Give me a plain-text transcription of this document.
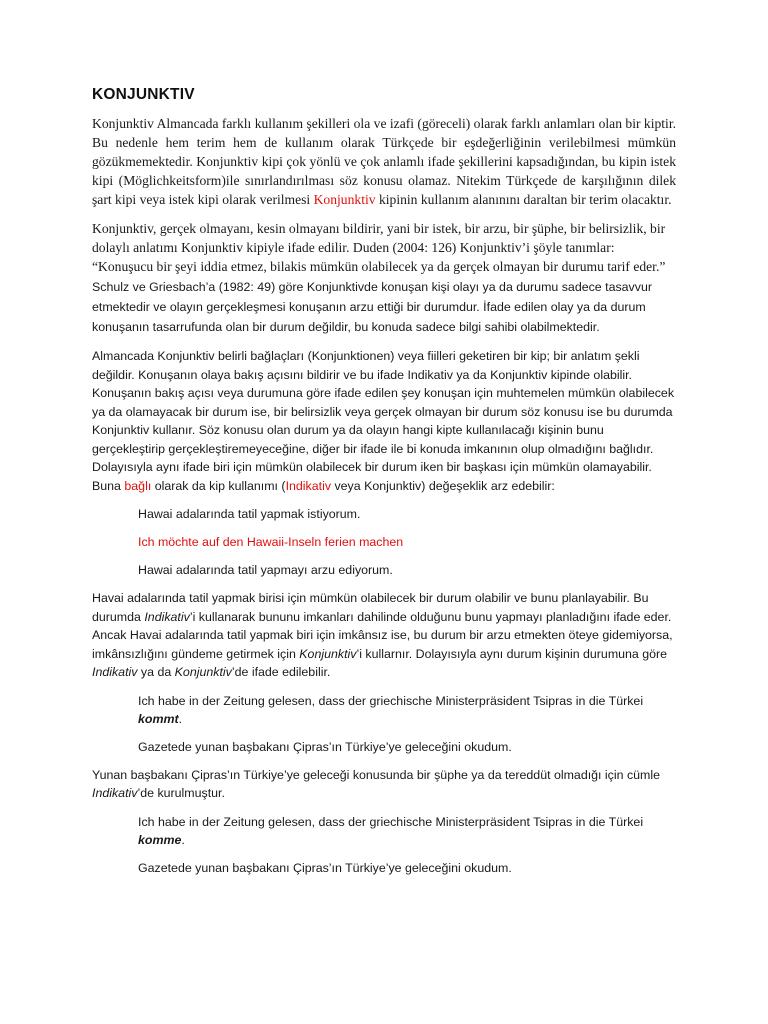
KONJUNKTIV

Konjunktiv Almancada farklı kullanım şekilleri ola ve izafi (göreceli) olarak farklı anlamları olan bir kiptir. Bu nedenle hem terim hem de kullanım olarak Türkçede bir eşdeğerliğinin verilebilmesi mümkün gözükmemektedir. Konjunktiv kipi çok yönlü ve çok anlamlı ifade şekillerini kapsadığından, bu kipin istek kipi (Möglichkeitsform)ile sınırlandırılması söz konusu olamaz. Nitekim Türkçede de karşılığının dilek şart kipi veya istek kipi olarak verilmesi Konjunktiv kipinin kullanım alanınını daraltan bir terim olacaktır.

Konjunktiv, gerçek olmayanı, kesin olmayanı bildirir, yani bir istek, bir arzu, bir şüphe, bir belirsizlik, bir dolaylı anlatımı Konjunktiv kipiyle ifade edilir. Duden (2004: 126) Konjunktiv’i şöyle tanımlar: “Konuşucu bir şeyi iddia etmez, bilakis mümkün olabilecek ya da gerçek olmayan bir durumu tarif eder.” Schulz ve Griesbach’a (1982: 49) göre Konjunktivde konuşan kişi olayı ya da durumu sadece tasavvur etmektedir ve olayın gerçekleşmesi konuşanın arzu ettiği bir durumdur. İfade edilen olay ya da durum konuşanın tasarrufunda olan bir durum değildir, bu konuda sadece bilgi sahibi olabilmektedir.

Almancada Konjunktiv belirli bağlaçları (Konjunktionen) veya fiilleri geketiren bir kip; bir anlatım şekli değildir. Konuşanın olaya bakış açısını bildirir ve bu ifade Indikativ ya da Konjunktiv kipinde olabilir. Konuşanın bakış açısı veya durumuna göre ifade edilen şey konuşan için muhtemelen mümkün olabilecek ya da olamayacak bir durum ise, bir belirsizlik veya gerçek olmayan bir durum söz konusu ise bu durumda Konjunktiv kullanır. Söz konusu olan durum ya da olayın hangi kipte kullanılacağı kişinin bunu gerçekleştirip gerçekleştiremeyeceğine, diğer bir ifade ile bi konuda imkanının olup olmadığını bağlıdır. Dolayısıyla aynı ifade biri için mümkün olabilecek bir durum iken bir başkası için mümkün olamayabilir. Buna bağlı olarak da kip kullanımı (Indikativ veya Konjunktiv) değeşeklik arz edebilir:

Hawai adalarında tatil yapmak istiyorum.

Ich möchte auf den Hawaii-Inseln ferien machen

Hawai adalarında tatil yapmayı arzu ediyorum.

Havai adalarında tatil yapmak birisi için mümkün olabilecek bir durum olabilir ve bunu planlayabilir. Bu durumda Indikativ’i kullanarak bununu imkanları dahilinde olduğunu bunu yapmayı planladığını ifade eder. Ancak Havai adalarında tatil yapmak biri için imkânsız ise, bu durum bir arzu etmekten öteye gidemiyorsa, imkânsızlığını gündeme getirmek için Konjunktiv’i kullarnır. Dolayısıyla aynı durum kişinin durumuna göre Indikativ ya da Konjunktiv’de ifade edilebilir.

Ich habe in der Zeitung gelesen, dass der griechische Ministerpräsident Tsipras in die Türkei kommt.

Gazetede yunan başbakanı Çipras’ın Türkiye’ye geleceğini okudum.

Yunan başbakanı Çipras’ın Türkiye’ye geleceği konusunda bir şüphe ya da tereddüt olmadığı için cümle Indikativ’de kurulmuştur.

Ich habe in der Zeitung gelesen, dass der griechische Ministerpräsident Tsipras in die Türkei komme.

Gazetede yunan başbakanı Çipras’ın Türkiye’ye geleceğini okudum.
